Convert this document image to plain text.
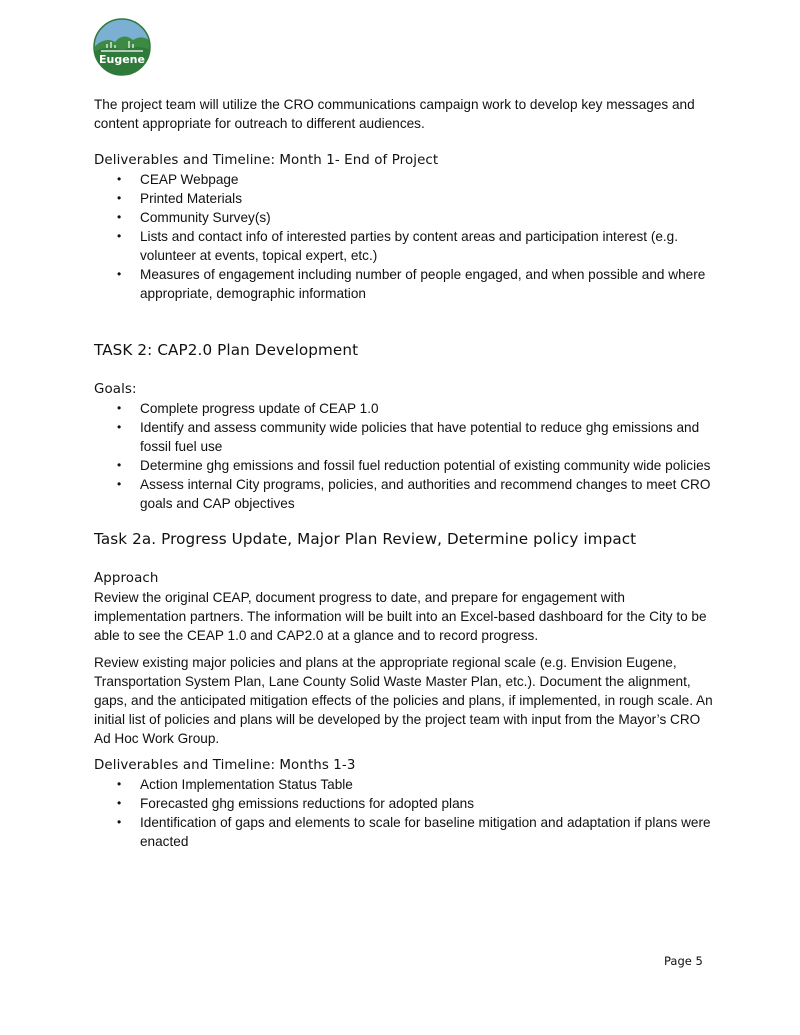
Eugene

The project team will utilize the CRO communications campaign work to develop key messages and content appropriate for outreach to different audiences.

Deliverables and Timeline: Month 1- End of Project

• CEAP Webpage
• Printed Materials
• Community Survey(s)
• Lists and contact info of interested parties by content areas and participation interest (e.g. volunteer at events, topical expert, etc.)
• Measures of engagement including number of people engaged, and when possible and where appropriate, demographic information

TASK 2: CAP2.0 Plan Development

Goals:

• Complete progress update of CEAP 1.0
• Identify and assess community wide policies that have potential to reduce ghg emissions and fossil fuel use
• Determine ghg emissions and fossil fuel reduction potential of existing community wide policies
• Assess internal City programs, policies, and authorities and recommend changes to meet CRO goals and CAP objectives

Task 2a. Progress Update, Major Plan Review, Determine policy impact

Approach

Review the original CEAP, document progress to date, and prepare for engagement with implementation partners. The information will be built into an Excel-based dashboard for the City to be able to see the CEAP 1.0 and CAP2.0 at a glance and to record progress.

Review existing major policies and plans at the appropriate regional scale (e.g. Envision Eugene, Transportation System Plan, Lane County Solid Waste Master Plan, etc.). Document the alignment, gaps, and the anticipated mitigation effects of the policies and plans, if implemented, in rough scale. An initial list of policies and plans will be developed by the project team with input from the Mayor’s CRO Ad Hoc Work Group.

Deliverables and Timeline: Months 1-3

• Action Implementation Status Table
• Forecasted ghg emissions reductions for adopted plans
• Identification of gaps and elements to scale for baseline mitigation and adaptation if plans were enacted
Page 5
